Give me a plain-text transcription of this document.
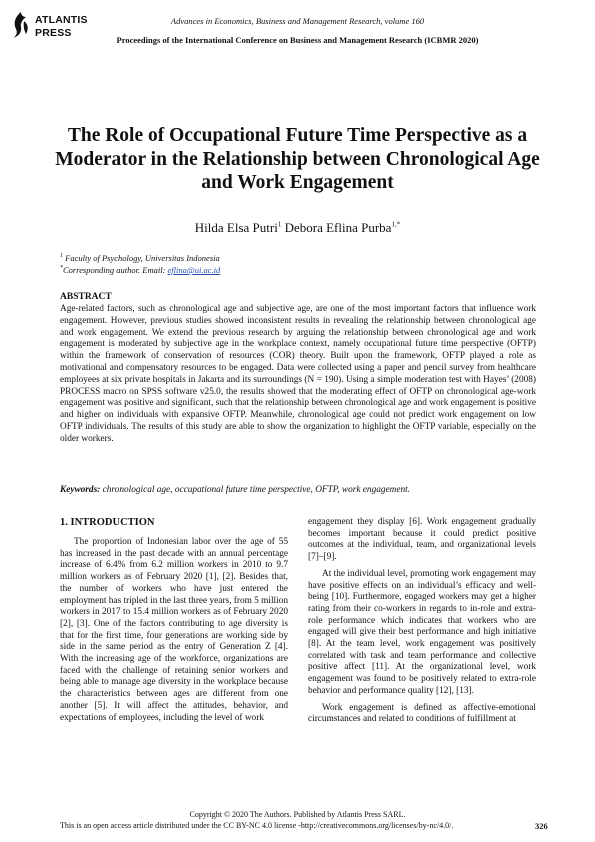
ATLANTIS
PRESS
Advances in Economics, Business and Management Research, volume 160
Proceedings of the International Conference on Business and Management Research (ICBMR 2020)
The Role of Occupational Future Time Perspective as a Moderator in the Relationship between Chronological Age and Work Engagement
Hilda Elsa Putri$^1$ Debora Eflina Purba$^{1,*}$
$^1$ Faculty of Psychology, Universitas Indonesia
*Corresponding author. Email: eflina@ui.ac.id
ABSTRACT
Age-related factors, such as chronological age and subjective age, are one of the most important factors that influence work engagement. However, previous studies showed inconsistent results in revealing the relationship between chronological age and work engagement. We extend the previous research by arguing the relationship between chronological age and work engagement is moderated by subjective age in the workplace context, namely occupational future time perspective (OFTP) within the framework of conservation of resources (COR) theory. Built upon the framework, OFTP played a role as motivational and compensatory resources to be engaged. Data were collected using a paper and pencil survey from healthcare employees at six private hospitals in Jakarta and its surroundings (N = 190). Using a simple moderation test with Hayes’ (2008) PROCESS macro on SPSS software v25.0, the results showed that the moderating effect of OFTP on chronological age-work engagement was positive and significant, such that the relationship between chronological age and work engagement is positive and higher on individuals with expansive OFTP. Meanwhile, chronological age could not predict work engagement on low OFTP individuals. The results of this study are able to show the organization to highlight the OFTP variable, especially on the older workers.
Keywords: chronological age, occupational future time perspective, OFTP, work engagement.
1. INTRODUCTION

The proportion of Indonesian labor over the age of 55 has increased in the past decade with an annual percentage increase of 6.4% from 6.2 million workers in 2010 to 9.7 million workers as of February 2020 [1], [2]. Besides that, the number of workers who have just entered the employment has tripled in the last three years, from 5 million workers in 2017 to 15.4 million workers as of February 2020 [2], [3]. One of the factors contributing to age diversity is that for the first time, four generations are working side by side in the same period as the entry of Generation Z [4]. With the increasing age of the workforce, organizations are faced with the challenge of retaining senior workers and being able to manage age diversity in the workplace because the characteristics between ages are different from one another [5]. It will affect the attitudes, behavior, and expectations of employees, including the level of work

engagement they display [6]. Work engagement gradually becomes important because it could predict positive outcomes at the individual, team, and organizational levels [7]–[9].

At the individual level, promoting work engagement may have positive effects on an individual’s efficacy and well-being [10]. Furthermore, engaged workers may get a higher rating from their co-workers in regards to in-role and extra-role performance which indicates that workers who are engaged will give their best performance and high initiative [8]. At the team level, work engagement was positively correlated with task and team performance and collective positive affect [11]. At the organizational level, work engagement was found to be positively related to extra-role behavior and performance quality [12], [13].

Work engagement is defined as affective-emotional circumstances and related to conditions of fulfillment at

Copyright © 2020 The Authors. Published by Atlantis Press SARL.
This is an open access article distributed under the CC BY-NC 4.0 license -http://creativecommons.org/licenses/by-nc/4.0/.	326
